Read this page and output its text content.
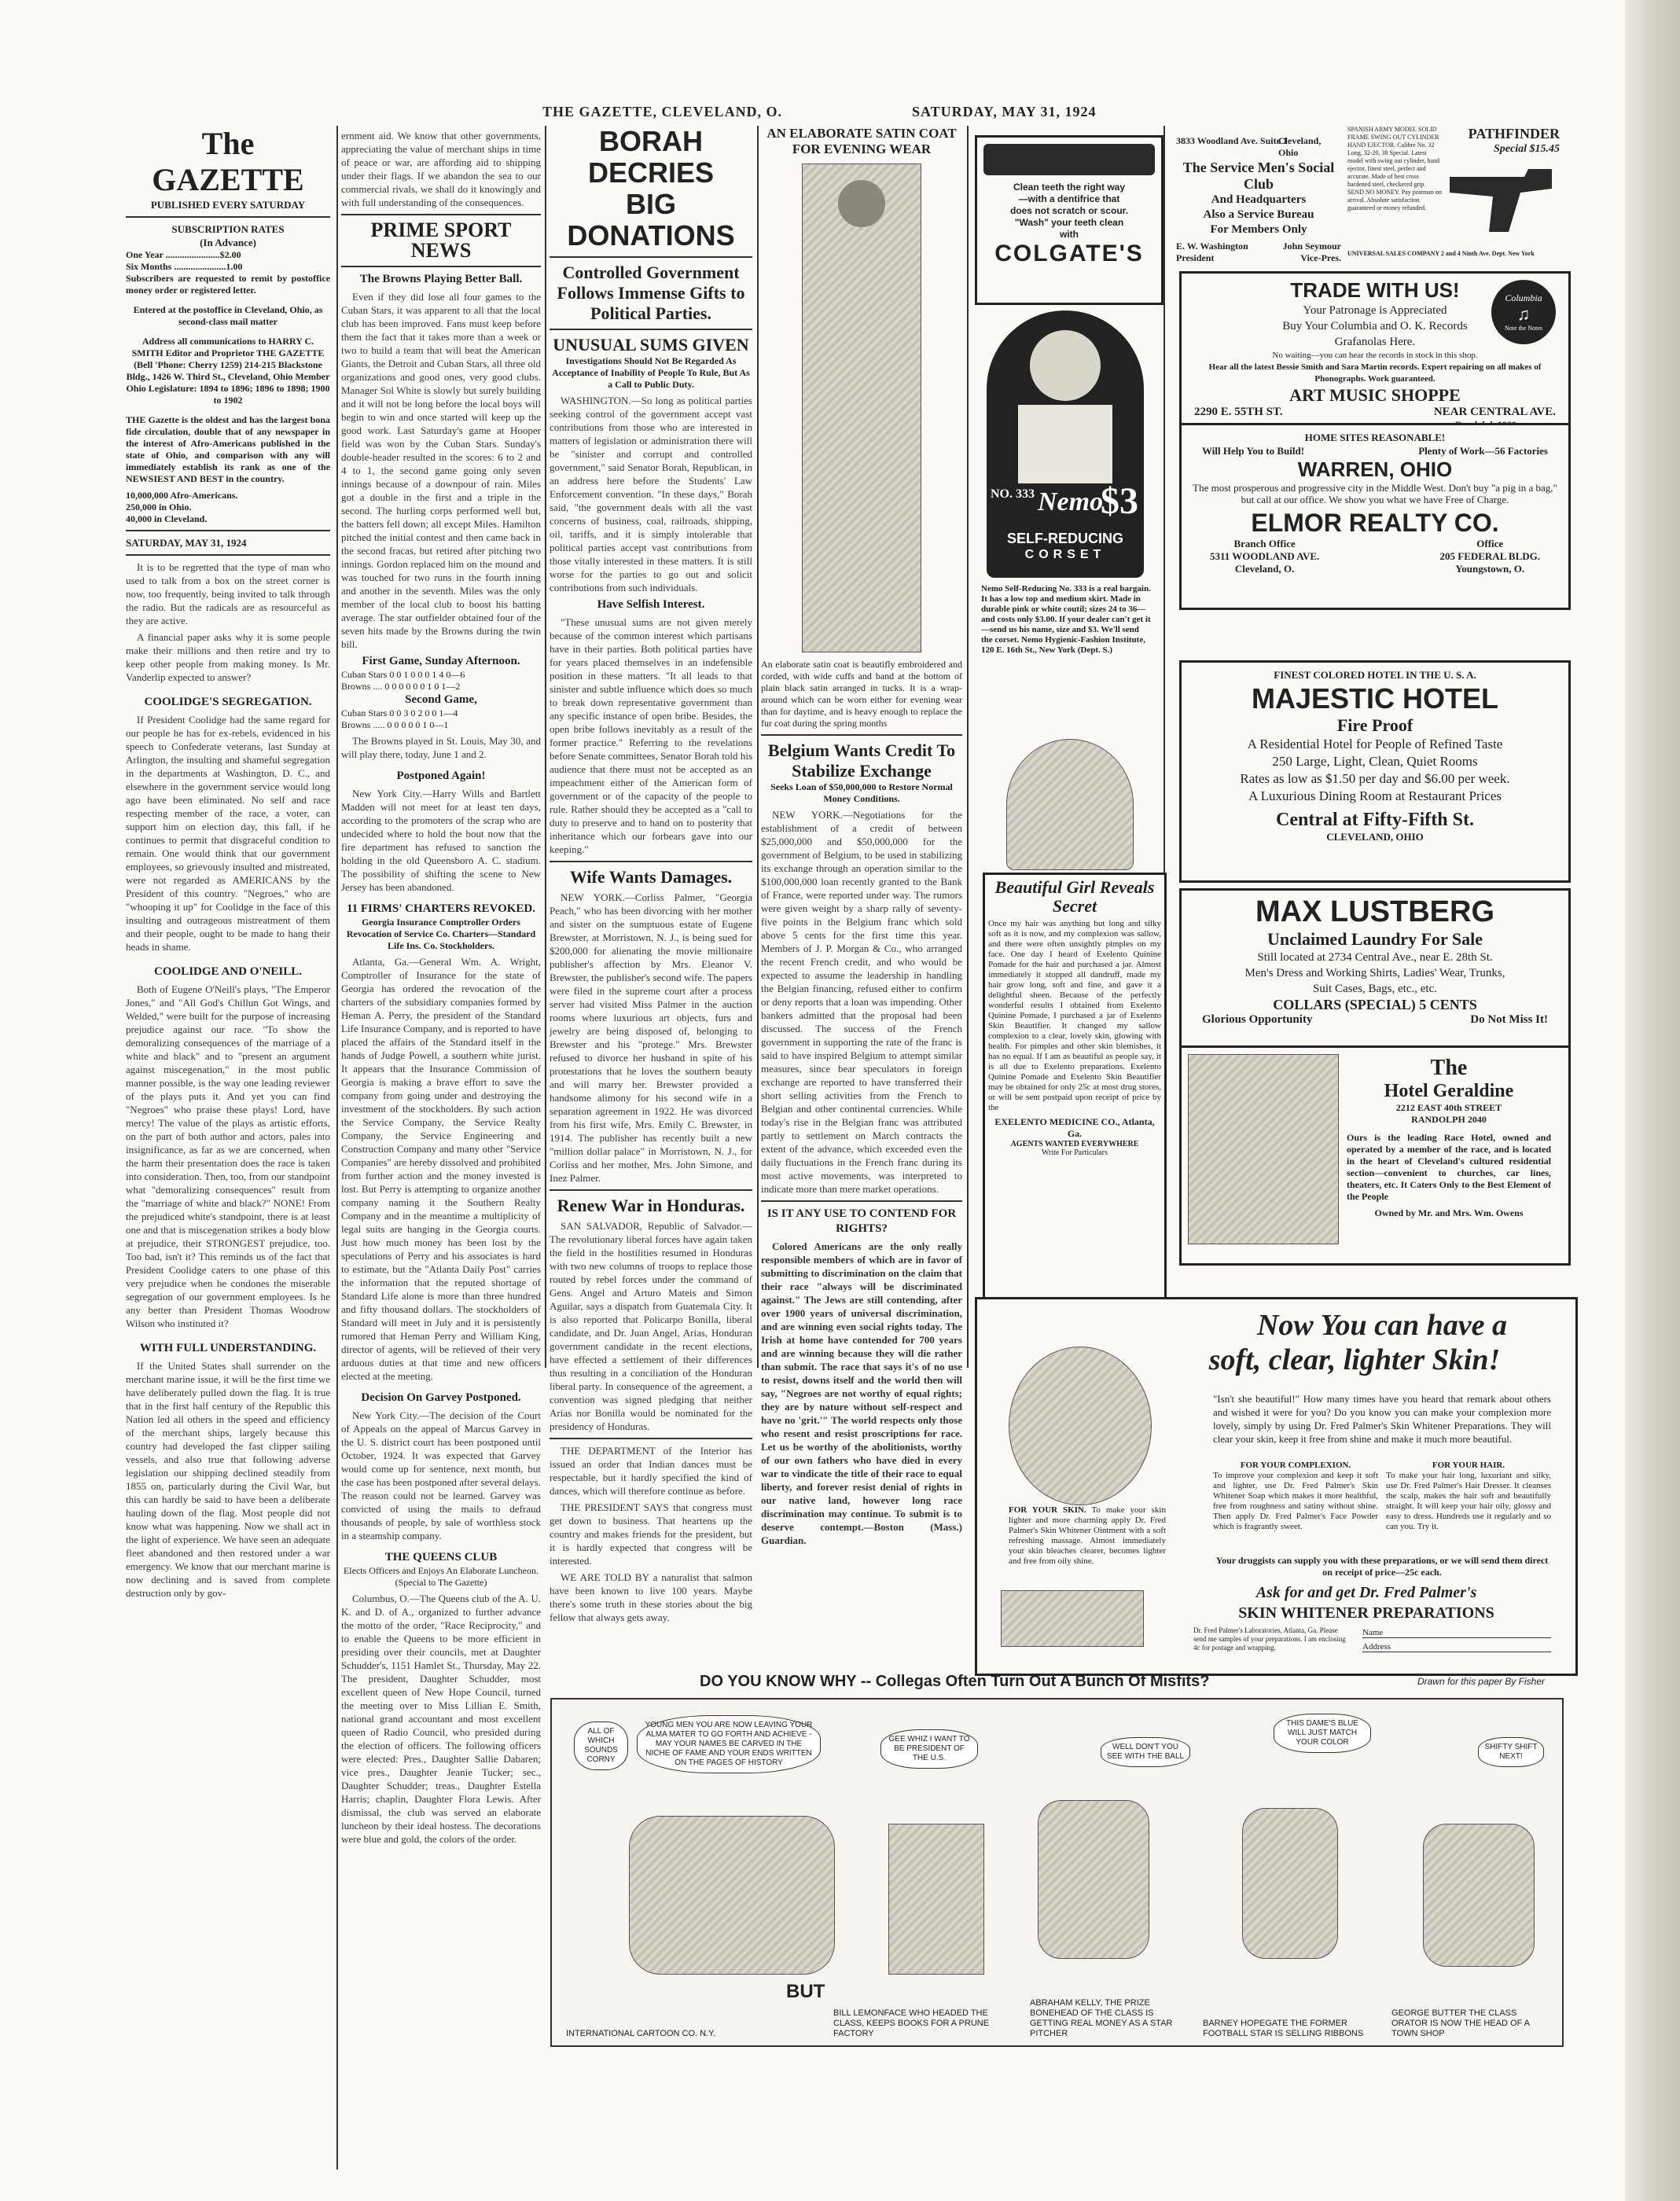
THE GAZETTE, CLEVELAND, O.	SATURDAY, MAY 31, 1924
The GAZETTE
PUBLISHED EVERY SATURDAY
SUBSCRIPTION RATES
(In Advance)
One Year .......................$2.00
Six Months ......................1.00
Subscribers are requested to remit by postoffice money order or registered letter.
Entered at the postoffice in Cleveland, Ohio, as second-class mail matter
Address all communications to HARRY C. SMITH Editor and Proprietor THE GAZETTE (Bell 'Phone: Cherry 1259) 214-215 Blackstone Bldg., 1426 W. Third St., Cleveland, Ohio Member Ohio Legislature: 1894 to 1896; 1896 to 1898; 1900 to 1902
THE Gazette is the oldest and has the largest bona fide circulation, double that of any newspaper in the interest of Afro-Americans published in the state of Ohio, and comparison with any will immediately establish its rank as one of the NEWSIEST AND BEST in the country.
10,000,000 Afro-Americans.
250,000 in Ohio.
40,000 in Cleveland.
SATURDAY, MAY 31, 1924

It is to be regretted that the type of man who used to talk from a box on the street corner is now, too frequently, being invited to talk through the radio. But the radicals are as resourceful as they are active.

A financial paper asks why it is some people make their millions and then retire and try to keep other people from making money. Is Mr. Vanderlip expected to answer?

COOLIDGE'S SEGREGATION.

If President Coolidge had the same regard for our people he has for ex-rebels, evidenced in his speech to Confederate veterans, last Sunday at Arlington, the insulting and shameful segregation in the departments at Washington, D. C., and elsewhere in the government service would long ago have been eliminated. No self and race respecting member of the race, a voter, can support him on election day, this fall, if he continues to permit that disgraceful condition to remain. One would think that our government employees, so grievously insulted and mistreated, were not regarded as AMERICANS by the President of this country. "Negroes," who are "whooping it up" for Coolidge in the face of this insulting and outrageous mistreatment of them and their people, ought to be made to hang their heads in shame.

COOLIDGE AND O'NEILL.

Both of Eugene O'Neill's plays, "The Emperor Jones," and "All God's Chillun Got Wings, and Welded," were built for the purpose of increasing prejudice against our race. "To show the demoralizing consequences of the marriage of a white and black" and to "present an argument against miscegenation," in the most public manner possible, is the way one leading reviewer of the plays puts it. And yet you can find "Negroes" who praise these plays! Lord, have mercy! The value of the plays as artistic efforts, on the part of both author and actors, pales into insignificance, as far as we are concerned, when the harm their presentation does the race is taken into consideration. Then, too, from our standpoint what "demoralizing consequences" result from the "marriage of white and black?" NONE! From the prejudiced white's standpoint, there is at least one and that is miscegenation strikes a body blow at prejudice, their STRONGEST prejudice, too. Too bad, isn't it? This reminds us of the fact that President Coolidge caters to one phase of this very prejudice when he condones the miserable segregation of our government employees. Is he any better than President Thomas Woodrow Wilson who instituted it?

WITH FULL UNDERSTANDING.

If the United States shall surrender on the merchant marine issue, it will be the first time we have deliberately pulled down the flag. It is true that in the first half century of the Republic this Nation led all others in the speed and efficiency of the merchant ships, largely because this country had developed the fast clipper sailing vessels, and also true that following adverse legislation our shipping declined steadily from 1855 on, particularly during the Civil War, but this can hardly be said to have been a deliberate hauling down of the flag. Most people did not know what was happening. Now we shall act in the light of experience. We have seen an adequate fleet abandoned and then restored under a war emergency. We know that our merchant marine is now declining and is saved from complete destruction only by gov-

ernment aid. We know that other governments, appreciating the value of merchant ships in time of peace or war, are affording aid to shipping under their flags. If we abandon the sea to our commercial rivals, we shall do it knowingly and with full understanding of the consequences.

PRIME SPORT NEWS
The Browns Playing Better Ball.

Even if they did lose all four games to the Cuban Stars, it was apparent to all that the local club has been improved. Fans must keep before them the fact that it takes more than a week or two to build a team that will beat the American Giants, the Detroit and Cuban Stars, all three old organizations and good ones, very good clubs. Manager Sol White is slowly but surely building and it will not be long before the local boys will begin to win and once started will keep up the good work. Last Saturday's game at Hooper field was won by the Cuban Stars. Sunday's double-header resulted in the scores: 6 to 2 and 4 to 1, the second game going only seven innings because of a downpour of rain. Miles got a double in the first and a triple in the second. The hurling corps performed well but, the batters fell down; all except Miles. Hamilton pitched the initial contest and then came back in the second fracas, but retired after pitching two innings. Gordon replaced him on the mound and was touched for two runs in the fourth inning and another in the seventh. Miles was the only member of the local club to boost his batting average. The star outfielder obtained four of the seven hits made by the Browns during the twin bill.

First Game, Sunday Afternoon.
Cuban Stars 0 0 1 0 0 0 1 4 0—6
Browns .... 0 0 0 0 0 0 1 0 1—2
Second Game,
Cuban Stars 0 0 3 0 2 0 0 1—4
Browns ..... 0 0 0 0 0 1 0—1

The Browns played in St. Louis, May 30, and will play there, today, June 1 and 2.

Postponed Again!

New York City.—Harry Wills and Bartlett Madden will not meet for at least ten days, according to the promoters of the scrap who are undecided where to hold the bout now that the fire department has refused to sanction the holding in the old Queensboro A. C. stadium. The possibility of shifting the scene to New Jersey has been abandoned.

11 FIRMS' CHARTERS REVOKED.
Georgia Insurance Comptroller Orders Revocation of Service Co. Charters—Standard Life Ins. Co. Stockholders.

Atlanta, Ga.—General Wm. A. Wright, Comptroller of Insurance for the state of Georgia has ordered the revocation of the charters of the subsidiary companies formed by Heman A. Perry, the president of the Standard Life Insurance Company, and is reported to have placed the affairs of the Standard itself in the hands of Judge Powell, a southern white jurist. It appears that the Insurance Commission of Georgia is making a brave effort to save the company from going under and destroying the investment of the stockholders. By such action the Service Company, the Service Realty Company, the Service Engineering and Construction Company and many other "Service Companies" are hereby dissolved and prohibited from further action and the money invested is lost. But Perry is attempting to organize another company naming it the Southern Realty Company and in the meantime a multiplicity of legal suits are hanging in the Georgia courts. Just how much money has been lost by the speculations of Perry and his associates is hard to estimate, but the "Atlanta Daily Post" carries the information that the reputed shortage of Standard Life alone is more than three hundred and fifty thousand dollars. The stockholders of Standard will meet in July and it is persistently rumored that Heman Perry and William King, director of agents, will be relieved of their very arduous duties at that time and new officers elected at the meeting.

Decision On Garvey Postponed.

New York City.—The decision of the Court of Appeals on the appeal of Marcus Garvey in the U. S. district court has been postponed until October, 1924. It was expected that Garvey would come up for sentence, next month, but the case has been postponed after several delays. The reason could not be learned. Garvey was convicted of using the mails to defraud thousands of people, by sale of worthless stock in a steamship company.

THE QUEENS CLUB
Elects Officers and Enjoys An Elaborate Luncheon.
(Special to The Gazette)

Columbus, O.—The Queens club of the A. U. K. and D. of A., organized to further advance the motto of the order, "Race Reciprocity," and to enable the Queens to be more efficient in presiding over their councils, met at Daughter Schudder's, 1151 Hamlet St., Thursday, May 22. The president, Daughter Schudder, most excellent queen of New Hope Council, turned the meeting over to Miss Lillian E. Smith, national grand accountant and most excellent queen of Radio Council, who presided during the election of officers. The following officers were elected: Pres., Daughter Sallie Dabaren; vice pres., Daughter Jeanie Tucker; sec., Daughter Schudder; treas., Daughter Estella Harris; chaplin, Daughter Flora Lewis. After dismissal, the club was served an elaborate luncheon by their ideal hostess. The decorations were blue and gold, the colors of the order.

BORAH DECRIES
BIG DONATIONS
Controlled Government Follows Immense Gifts to Political Parties.
UNUSUAL SUMS GIVEN
Investigations Should Not Be Regarded As Acceptance of Inability of People To Rule, But As a Call to Public Duty.

WASHINGTON.—So long as political parties seeking control of the government accept vast contributions from those who are interested in matters of legislation or administration there will be "sinister and corrupt and controlled government," said Senator Borah, Republican, in an address here before the Students' Law Enforcement convention. "In these days," Borah said, "the government deals with all the vast concerns of business, coal, railroads, shipping, oil, tariffs, and it is simply intolerable that political parties accept vast contributions from those vitally interested in these matters. It is still worse for the parties to go out and solicit contributions from such individuals.

Have Selfish Interest.

"These unusual sums are not given merely because of the common interest which partisans have in their parties. Both political parties have for years placed themselves in an indefensible position in these matters. "It all leads to that sinister and subtle influence which does so much to break down representative government than any specific instance of open bribe. Besides, the open bribe follows inevitably as a result of the former practice." Referring to the revelations before Senate committees, Senator Borah told his audience that there must not be accepted as an impeachment either of the American form of government or of the capacity of the people to rule. Rather should they be accepted as a "call to duty to preserve and to hand on to posterity that inheritance which our forbears gave into our keeping."

Wife Wants Damages.

NEW YORK.—Corliss Palmer, "Georgia Peach," who has been divorcing with her mother and sister on the sumptuous estate of Eugene Brewster, at Morristown, N. J., is being sued for $200,000 for alienating the movie millionaire publisher's affection by Mrs. Eleanor V. Brewster, the publisher's second wife. The papers were filed in the supreme court after a process server had visited Miss Palmer in the auction rooms where luxurious art objects, furs and jewelry are being disposed of, belonging to Brewster and his "protege." Mrs. Brewster refused to divorce her husband in spite of his protestations that he loves the southern beauty and will marry her. Brewster provided a handsome alimony for his second wife in a separation agreement in 1922. He was divorced from his first wife, Mrs. Emily C. Brewster, in 1914. The publisher has recently built a new "million dollar palace" in Morristown, N. J., for Corliss and her mother, Mrs. John Simone, and Inez Palmer.

Renew War in Honduras.

SAN SALVADOR, Republic of Salvador.—The revolutionary liberal forces have again taken the field in the hostilities resumed in Honduras with two new columns of troops to replace those routed by rebel forces under the command of Gens. Angel and Arturo Mateis and Simon Aguilar, says a dispatch from Guatemala City. It is also reported that Policarpo Bonilla, liberal candidate, and Dr. Juan Angel, Arias, Honduran government candidate in the recent elections, have effected a settlement of their differences thus resulting in a conciliation of the Honduran liberal party. In consequence of the agreement, a convention was signed pledging that neither Arias nor Bonilla would be nominated for the presidency of Honduras.

THE DEPARTMENT of the Interior has issued an order that Indian dances must be respectable, but it hardly specified the kind of dances, which will therefore continue as before.

THE PRESIDENT SAYS that congress must get down to business. That heartens up the country and makes friends for the president, but it is hardly expected that congress will be interested.

WE ARE TOLD BY a naturalist that salmon have been known to live 100 years. Maybe there's some truth in these stories about the big fellow that always gets away.

AN ELABORATE SATIN COAT FOR EVENING WEAR
An elaborate satin coat is beautifly embroidered and corded, with wide cuffs and band at the bottom of plain black satin arranged in tucks. It is a wrap-around which can be worn either for evening wear than for daytime, and is heavy enough to replace the fur coat during the spring months
Belgium Wants Credit To Stabilize Exchange
Seeks Loan of $50,000,000 to Restore Normal Money Conditions.

NEW YORK.—Negotiations for the establishment of a credit of between $25,000,000 and $50,000,000 for the government of Belgium, to be used in stabilizing its exchange through an operation similar to the $100,000,000 loan recently granted to the Bank of France, were reported under way. The rumors were given weight by a sharp rally of seventy-five points in the Belgium franc which sold above 5 cents for the first time this year. Members of J. P. Morgan & Co., who arranged the recent French credit, and who would be expected to assume the leadership in handling the Belgian financing, refused either to confirm or deny reports that a loan was impending. Other bankers admitted that the proposal had been discussed. The success of the French government in supporting the rate of the franc is said to have inspired Belgium to attempt similar measures, since bear speculators in foreign exchange are reported to have transferred their short selling activities from the French to Belgian and other continental currencies. While today's rise in the Belgian franc was attributed partly to settlement on March contracts the extent of the advance, which exceeded even the daily fluctuations in the French franc during its most active movements, was interpreted to indicate more than mere market operations.

IS IT ANY USE TO CONTEND FOR RIGHTS?

Colored Americans are the only really responsible members of which are in favor of submitting to discrimination on the claim that their race "always will be discriminated against." The Jews are still contending, after over 1900 years of universal discrimination, and are winning even social rights today. The Irish at home have contended for 700 years and are winning because they will die rather than submit. The race that says it's of no use to resist, downs itself and the world then will say, "Negroes are not worthy of equal rights; they are by nature without self-respect and have no 'grit.'" The world respects only those who resent and resist proscriptions for race. Let us be worthy of the abolitionists, worthy of our own fathers who have died in every war to vindicate the title of their race to equal liberty, and forever resist denial of rights in our native land, however long race discrimination may continue. To submit is to deserve contempt.—Boston (Mass.) Guardian.

Clean teeth the right way
—with a dentifrice that
does not scratch or scour.
"Wash" your teeth clean
with
COLGATE'S
NO. 333 Nemo
$3
SELF-REDUCING
CORSET
Nemo Self-Reducing No. 333 is a real bargain. It has a low top and medium skirt. Made in durable pink or white coutil; sizes 24 to 36—and costs only $3.00. If your dealer can't get it—send us his name, size and $3. We'll send the corset. Nemo Hygienic-Fashion Institute, 120 E. 16th St., New York (Dept. S.)
Beautiful Girl Reveals Secret
Once my hair was anything but long and silky soft as it is now, and my complexion was sallow, and there were often unsightly pimples on my face. One day I heard of Exelento Quinine Pomade for the hair and purchased a jar. Almost immediately it stopped all dandruff, made my hair grow long, soft and fine, and gave it a delightful sheen. Because of the perfectly wonderful results I obtained from Exelento Quinine Pomade, I purchased a jar of Exelento Skin Beautifier. It changed my sallow complexion to a clear, lovely skin, glowing with health. For pimples and other skin blemishes, it has no equal. If I am as beautiful as people say, it is all due to Exelento preparations. Exelento Quinine Pomade and Exelento Skin Beautifier may be obtained for only 25c at most drug stores, or will be sent postpaid upon receipt of price by the
EXELENTO MEDICINE CO., Atlanta, Ga.
AGENTS WANTED EVERYWHERE
Write For Particulars
3833 Woodland Ave. Suite 1
Cleveland, Ohio
The Service Men's Social Club
And Headquarters
Also a Service Bureau
For Members Only
E. W. Washington	John Seymour
President	Vice-Pres.
PATHFINDER
Special $15.45
SPANISH ARMY MODEL SOLID FRAME SWING OUT CYLINDER HAND EJECTOR. Calibre No. 32 Long, 32-20, 38 Special. Latest model with swing out cylinder, hand ejector, finest steel, perfect and accurate. Made of best cross hardened steel, checkered grip. SEND NO MONEY. Pay postman on arrival. Absolute satisfaction guaranteed or money refunded.
UNIVERSAL SALES COMPANY 2 and 4 Ninth Ave. Dept. New York
TRADE WITH US!
Your Patronage is Appreciated
Buy Your Columbia and O. K. Records
Grafanolas Here.
No waiting—you can hear the records in stock in this shop.
Hear all the latest Bessie Smith and Sara Martin records. Expert repairing on all makes of Phonographs. Work guaranteed.
ART MUSIC SHOPPE
2290 E. 55TH ST.	NEAR CENTRAL AVE.
Columbia
♫
Note the Notes
HOME SITES REASONABLE!
Will Help You to Build!	Plenty of Work—56 Factories
WARREN, OHIO
The most prosperous and progressive city in the Middle West. Don't buy "a pig in a bag," but call at our office. We show you what we have Free of Charge.
ELMOR REALTY CO.
Branch Office
5311 WOODLAND AVE.
Cleveland, O.
Office
205 FEDERAL BLDG.
Youngstown, O.
FINEST COLORED HOTEL IN THE U. S. A.
MAJESTIC HOTEL
Fire Proof
A Residential Hotel for People of Refined Taste
250 Large, Light, Clean, Quiet Rooms
Rates as low as $1.50 per day and $6.00 per week.
A Luxurious Dining Room at Restaurant Prices
Central at Fifty-Fifth St.
CLEVELAND, OHIO
MAX LUSTBERG
Unclaimed Laundry For Sale
Still located at 2734 Central Ave., near E. 28th St.
Men's Dress and Working Shirts, Ladies' Wear, Trunks,
Suit Cases, Bags, etc., etc.
COLLARS (SPECIAL) 5 CENTS
Glorious Opportunity	Do Not Miss It!
The
Hotel Geraldine
2212 EAST 40th STREET
RANDOLPH 2040
Ours is the leading Race Hotel, owned and operated by a member of the race, and is located in the heart of Cleveland's cultured residential section—convenient to churches, car lines, theaters, etc. It Caters Only to the Best Element of the People
Owned by Mr. and Mrs. Wm. Owens
Now You can have a
soft, clear, lighter Skin!
FOR YOUR SKIN. To make your skin lighter and more charming apply Dr. Fred Palmer's Skin Whitener Ointment with a soft refreshing massage. Almost immediately your skin bleaches clearer, becomes lighter and free from oily shine.
"Isn't she beautiful!" How many times have you heard that remark about others and wished it were for you? Do you know you can make your complexion more lovely, simply by using Dr. Fred Palmer's Skin Whitener Preparations. They will clear your skin, keep it free from shine and make it much more beautiful.
FOR YOUR COMPLEXION.
To improve your complexion and keep it soft and lighter, use Dr. Fred Palmer's Skin Whitener Soap which makes it more healthful, free from roughness and satiny without shine. Then apply Dr. Fred Palmer's Face Powder which is fragrantly sweet.
FOR YOUR HAIR.
To make your hair long, luxuriant and silky, use Dr. Fred Palmer's Hair Dresser. It cleanses the scalp, makes the hair soft and beautifully straight. It will keep your hair oily, glossy and easy to dress. Hundreds use it regularly and so can you. Try it.
Your druggists can supply you with these preparations, or we will send them direct on receipt of price—25c each.
Ask for and get Dr. Fred Palmer's
SKIN WHITENER PREPARATIONS
Dr. Fred Palmer's Laboratories, Atlanta, Ga. Please send me samples of your preparations. I am enclosing 4c for postage and wrapping.
Name
Address
DO YOU KNOW WHY -- Collegas Often Turn Out A Bunch Of Misfits?	Drawn for this paper By Fisher
ALL OF WHICH SOUNDS CORNY
YOUNG MEN YOU ARE NOW LEAVING YOUR ALMA MATER TO GO FORTH AND ACHIEVE - MAY YOUR NAMES BE CARVED IN THE NICHE OF FAME AND YOUR ENDS WRITTEN ON THE PAGES OF HISTORY
INTERNATIONAL CARTOON CO. N.Y.
BUT
GEE WHIZ I WANT TO BE PRESIDENT OF THE U.S.
BILL LEMONFACE WHO HEADED THE CLASS, KEEPS BOOKS FOR A PRUNE FACTORY
WELL DON'T YOU SEE WITH THE BALL
ABRAHAM KELLY, THE PRIZE BONEHEAD OF THE CLASS IS GETTING REAL MONEY AS A STAR PITCHER
THIS DAME'S BLUE WILL JUST MATCH YOUR COLOR
BARNEY HOPEGATE THE FORMER FOOTBALL STAR IS SELLING RIBBONS
SHIFTY SHIFT NEXT!
GEORGE BUTTER THE CLASS ORATOR IS NOW THE HEAD OF A TOWN SHOP
